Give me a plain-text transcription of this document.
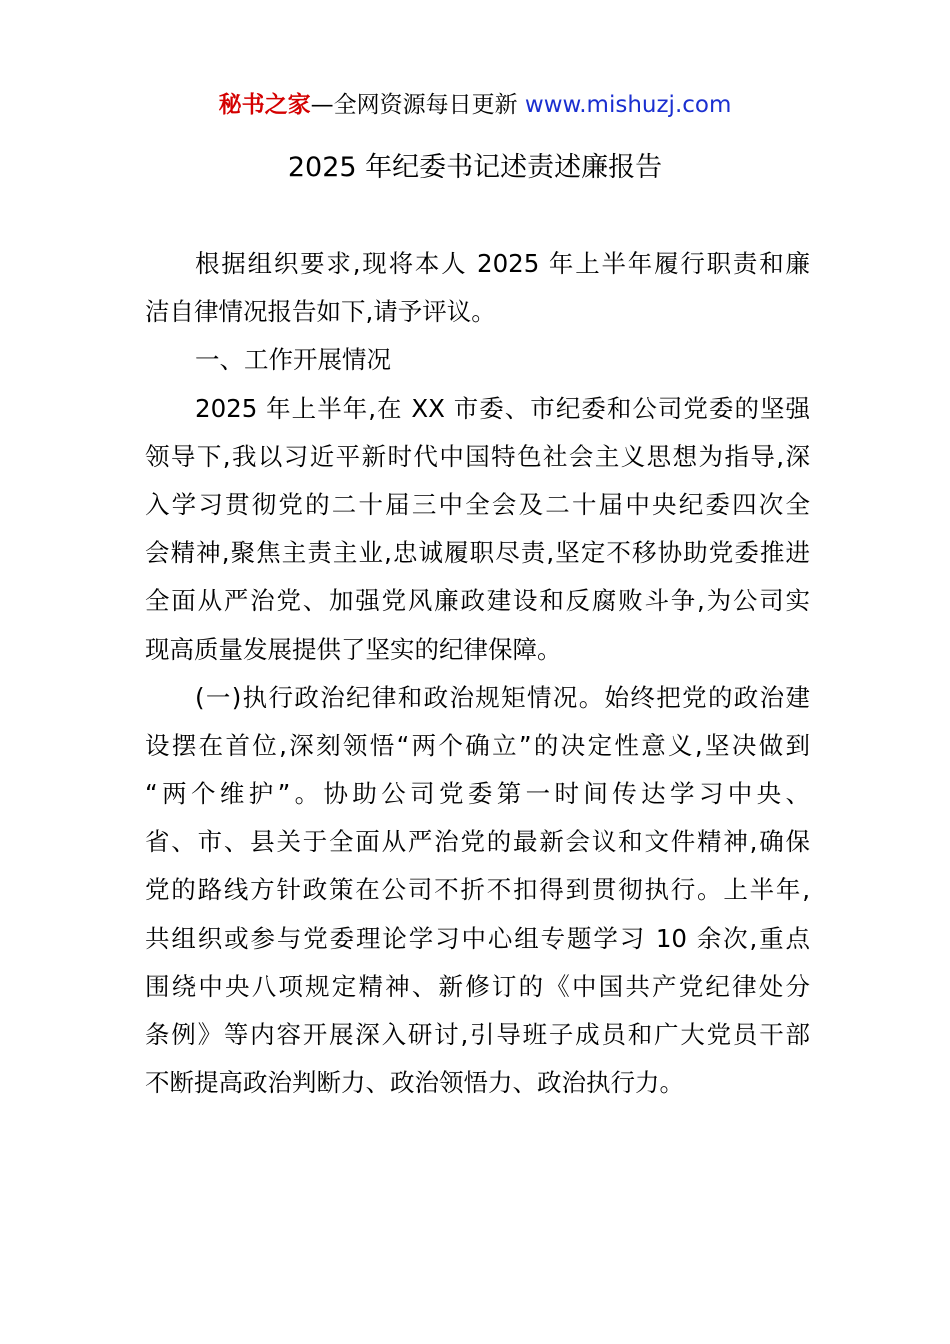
秘书之家—全网资源每日更新 www.mishuzj.com
2025 年纪委书记述责述廉报告
根据组织要求,现将本人 2025 年上半年履行职责和廉
洁自律情况报告如下,请予评议。
一、工作开展情况
2025 年上半年,在 XX 市委、市纪委和公司党委的坚强
领导下,我以习近平新时代中国特色社会主义思想为指导,深
入学习贯彻党的二十届三中全会及二十届中央纪委四次全
会精神,聚焦主责主业,忠诚履职尽责,坚定不移协助党委推进
全面从严治党、加强党风廉政建设和反腐败斗争,为公司实
现高质量发展提供了坚实的纪律保障。
(一)执行政治纪律和政治规矩情况。始终把党的政治建
设摆在首位,深刻领悟“两个确立”的决定性意义,坚决做到
“两个维护”。协助公司党委第一时间传达学习中央、
省、市、县关于全面从严治党的最新会议和文件精神,确保
党的路线方针政策在公司不折不扣得到贯彻执行。上半年,
共组织或参与党委理论学习中心组专题学习 10 余次,重点
围绕中央八项规定精神、新修订的《中国共产党纪律处分
条例》等内容开展深入研讨,引导班子成员和广大党员干部
不断提高政治判断力、政治领悟力、政治执行力。
